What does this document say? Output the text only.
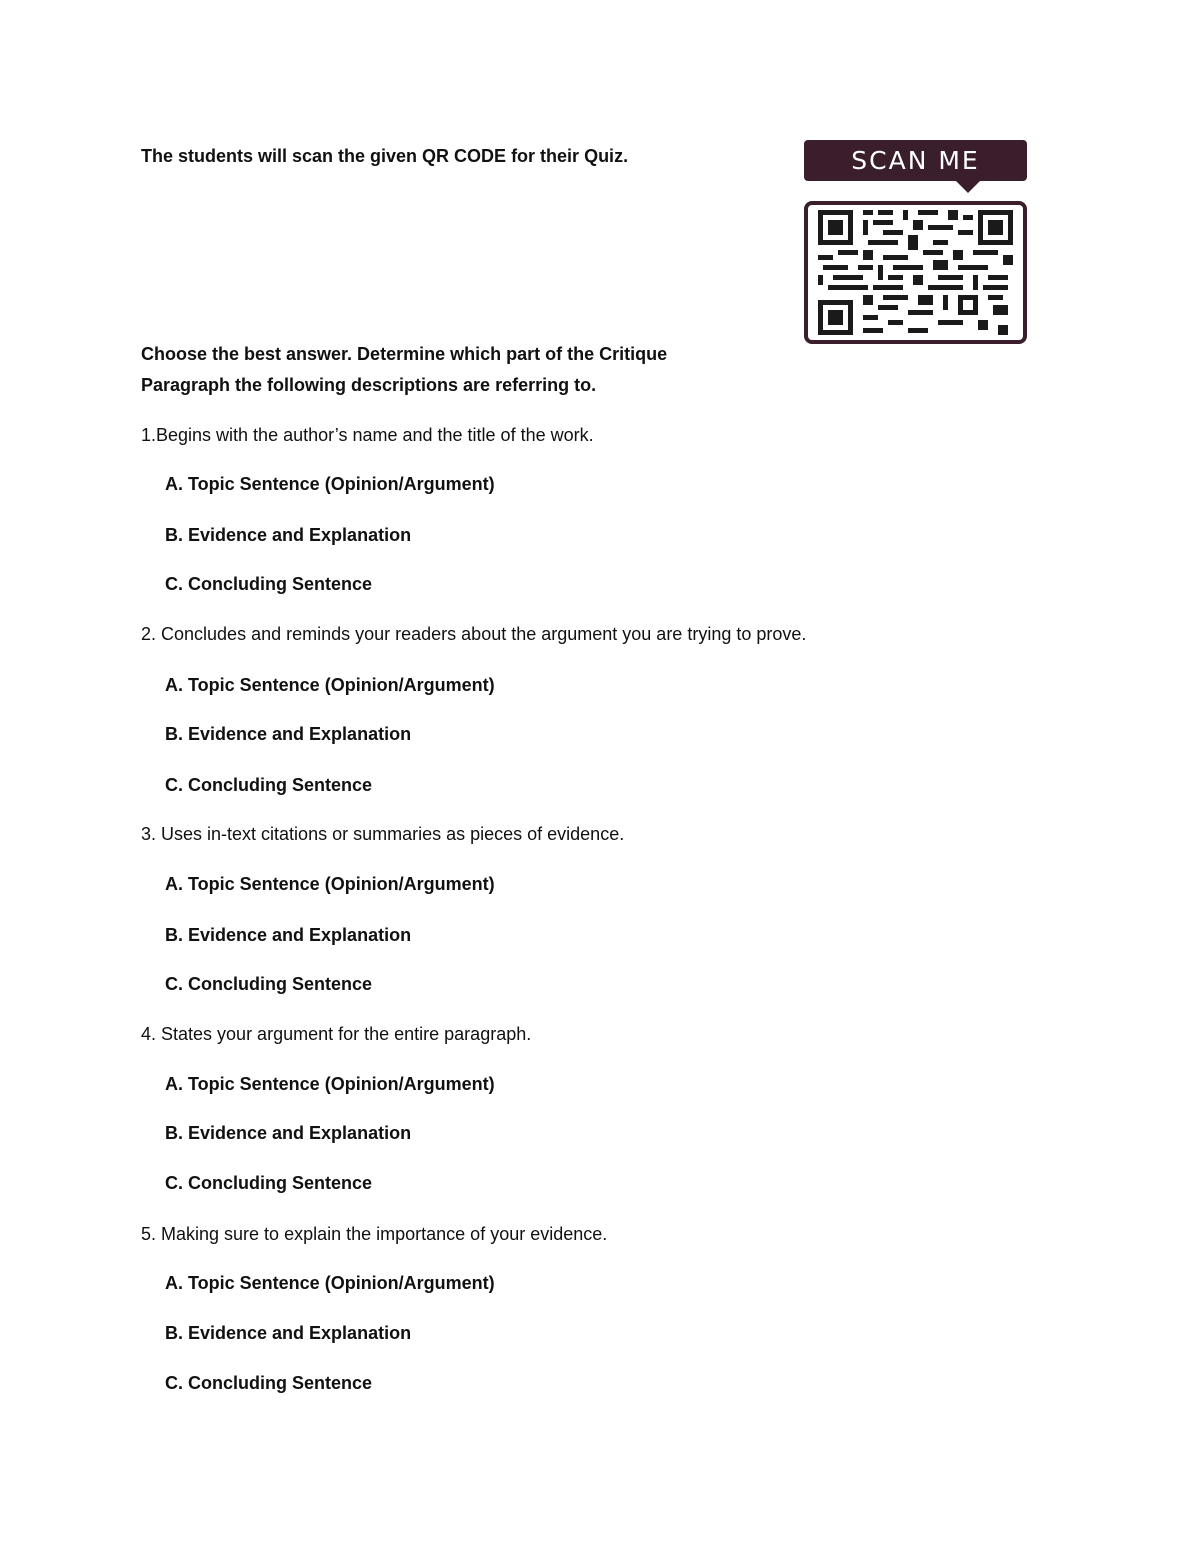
The students will scan the given QR CODE for their Quiz.	SCAN ME
Choose the best answer. Determine which part of the Critique
Paragraph the following descriptions are referring to.
1.Begins with the author’s name and the title of the work.
A. Topic Sentence (Opinion/Argument)
B. Evidence and Explanation
C. Concluding Sentence
2. Concludes and reminds your readers about the argument you are trying to prove.
A. Topic Sentence (Opinion/Argument)
B. Evidence and Explanation
C. Concluding Sentence
3. Uses in-text citations or summaries as pieces of evidence.
A. Topic Sentence (Opinion/Argument)
B. Evidence and Explanation
C. Concluding Sentence
4. States your argument for the entire paragraph.
A. Topic Sentence (Opinion/Argument)
B. Evidence and Explanation
C. Concluding Sentence
5. Making sure to explain the importance of your evidence.
A. Topic Sentence (Opinion/Argument)
B. Evidence and Explanation
C. Concluding Sentence
